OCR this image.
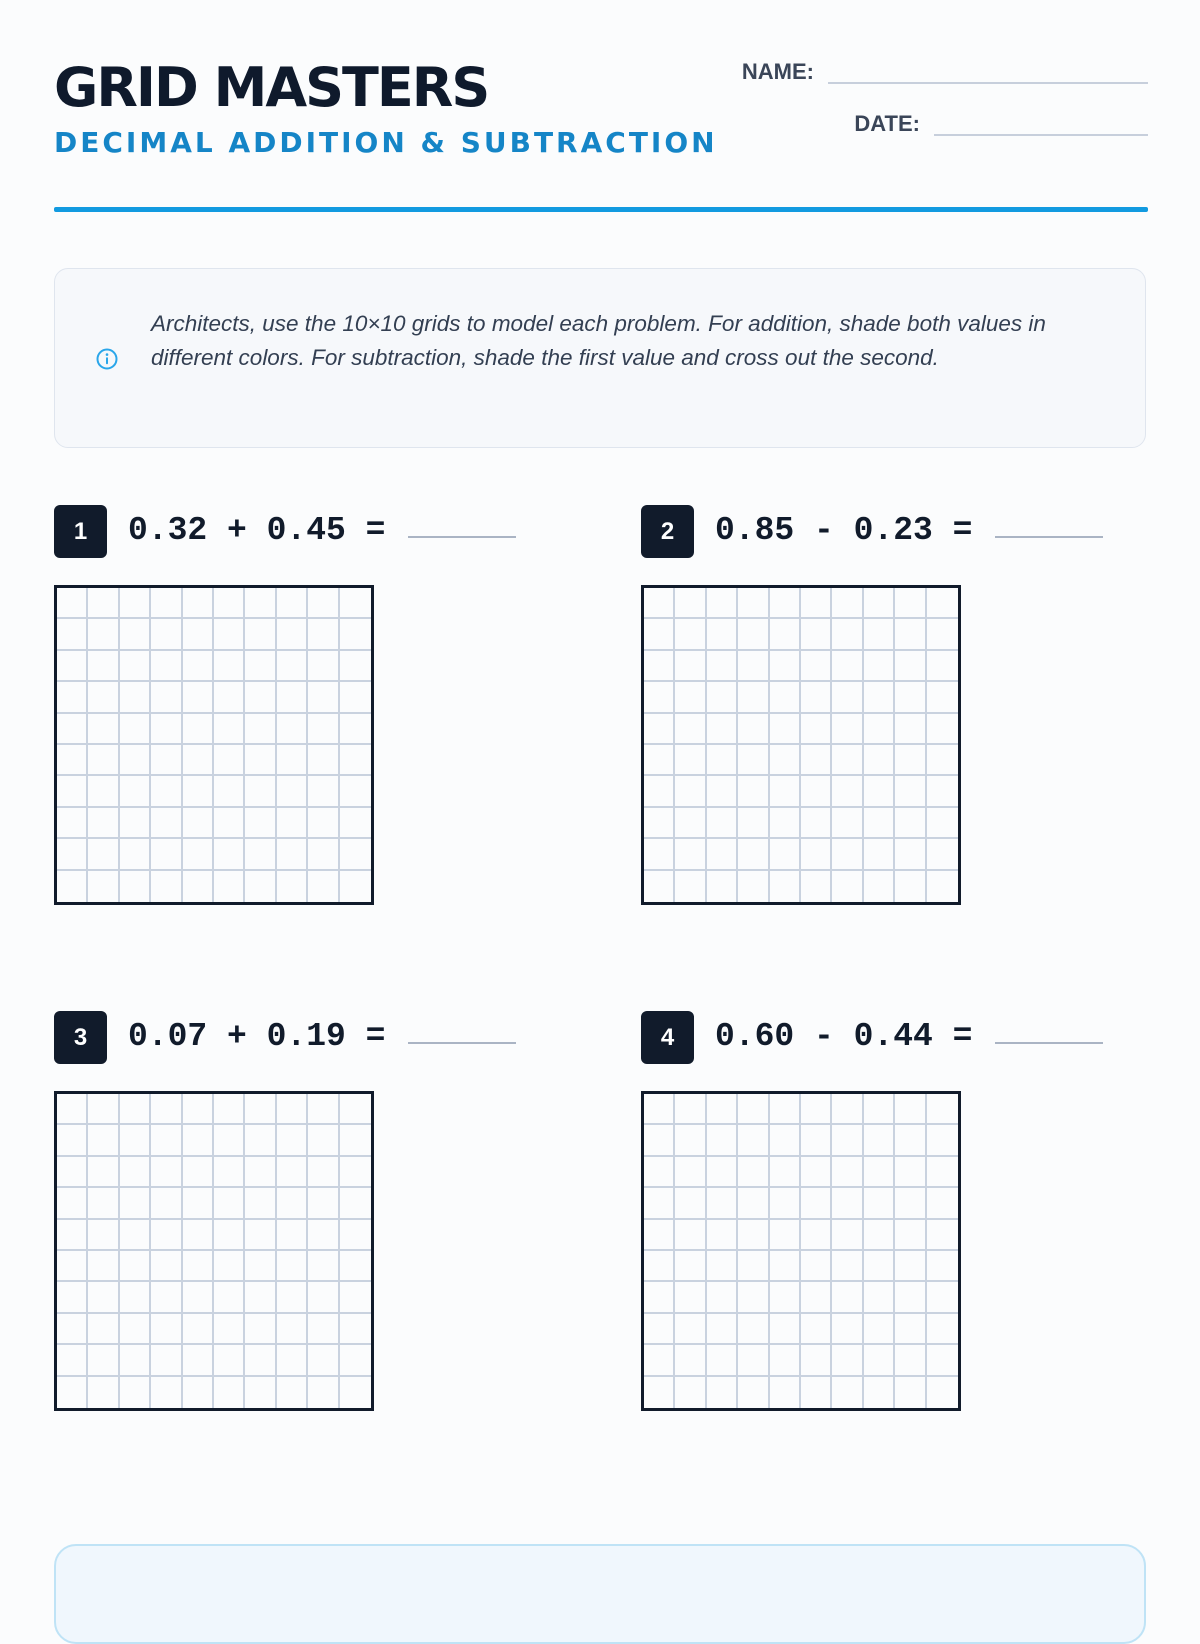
GRID MASTERS
DECIMAL ADDITION & SUBTRACTION
NAME:
DATE:
Architects, use the 10×10 grids to model each problem. For addition, shade both values in different colors. For subtraction, shade the first value and cross out the second.
1	0.32 + 0.45 =	2	0.85 - 0.23 =
3	0.07 + 0.19 =	4	0.60 - 0.44 =
